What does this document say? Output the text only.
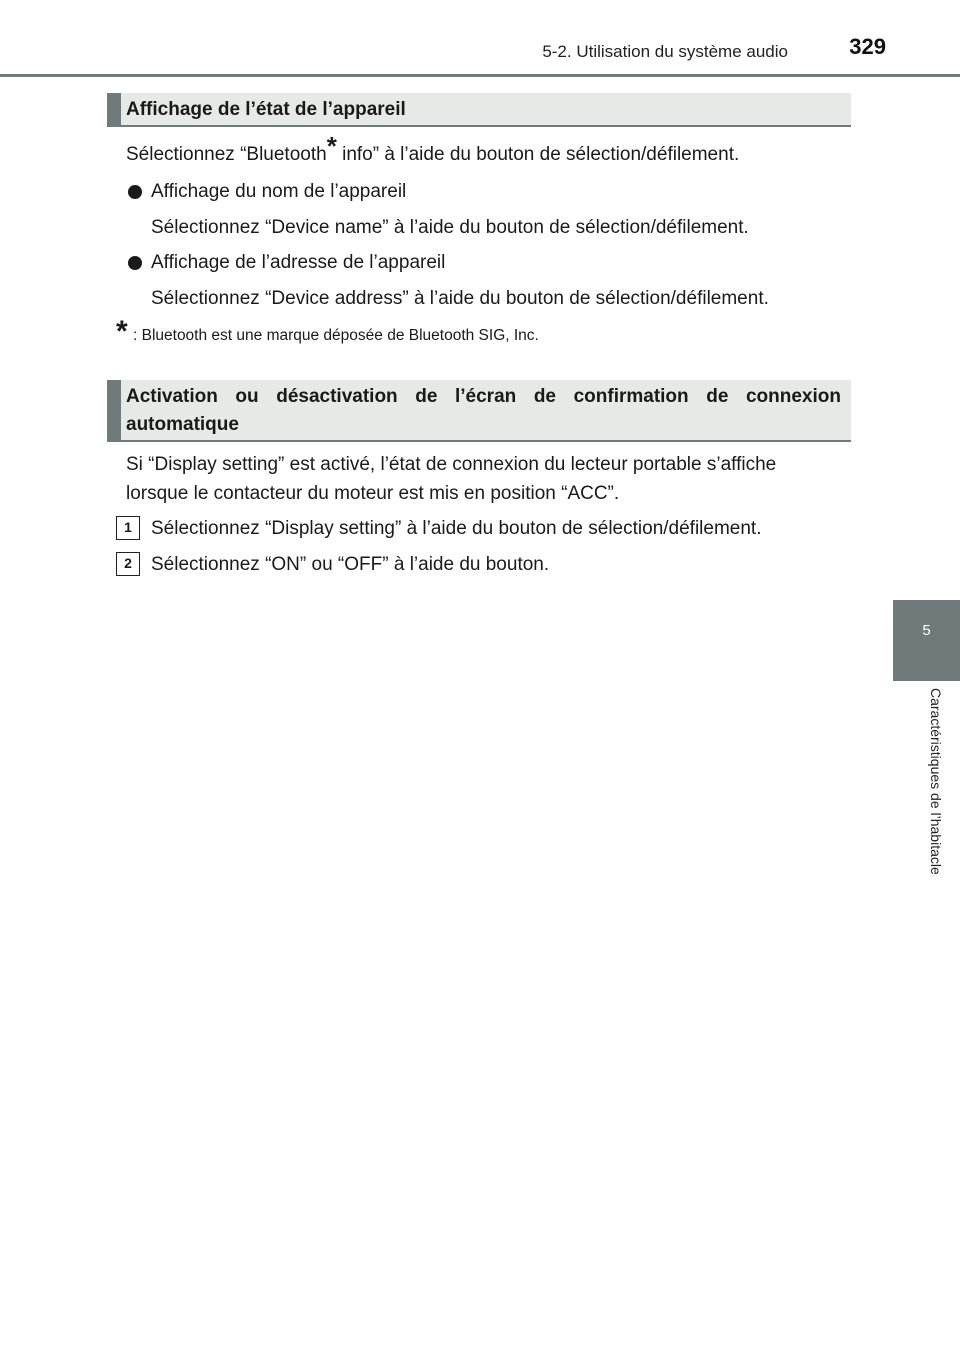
5-2. Utilisation du système audio	329
5
Caractéristiques de l’habitacle
Affichage de l’état de l’appareil
Sélectionnez “Bluetooth* info” à l’aide du bouton de sélection/défilement.
Affichage du nom de l’appareil
Sélectionnez “Device name” à l’aide du bouton de sélection/défilement.
Affichage de l’adresse de l’appareil
Sélectionnez “Device address” à l’aide du bouton de sélection/défilement.
* : Bluetooth est une marque déposée de Bluetooth SIG, Inc.
Activation ou désactivation de l’écran de confirmation de connexion automatique
Si “Display setting” est activé, l’état de connexion du lecteur portable s’affiche
lorsque le contacteur du moteur est mis en position “ACC”.
1	Sélectionnez “Display setting” à l’aide du bouton de sélection/défilement.
2	Sélectionnez “ON” ou “OFF” à l’aide du bouton.
